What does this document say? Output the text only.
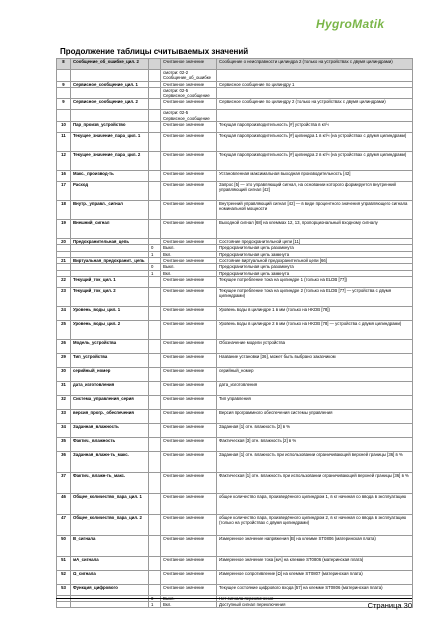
HygroMatik
Продолжение таблицы считываемых значений
8	Сообщение_об_ошибке_цил. 2		Считанное значение	Сообщение о неисправности цилиндра 2 (только на устройствах с двумя цилиндрами)
			смотри: 02-2 Сообщение_об_ошибке	
9	Сервисное_сообщение_цил. 1		Считанное значение	Сервисное сообщение по цилиндру 1
			смотри: 02-5 Сервисное_сообщение	
9	Сервисное_сообщение_цил. 2		Считанное значение	Сервисное сообщение по цилиндру 2 (только на устройствах с двумя цилиндрами)
			смотри: 02-5 Сервисное_сообщение	
10	Пар_произв_устройство		Считанное значение	Текущая паропроизводительность [#] устройства в кг/ч
11	Текущее_значение_пара_цил. 1		Считанное значение	Текущая паропроизводительность [#] цилиндра 1 в кг/ч (на устройствах с двумя цилиндрами)
12	Текущее_значение_пара_цил. 2		Считанное значение	Текущая паропроизводительность [#] цилиндра 2 в кг/ч (на устройствах с двумя цилиндрами)
16	Макс._производ-ть		Считанное значение	Установленная максимальная выходная производительность [42]
17	Расход		Считанное значение	Запрос [5] — это управляющий сигнал, на основании которого формируется внутренний управляющий сигнал [42]
18	Внутр._управл._сигнал		Считанное значение	Внутренний управляющий сигнал [42] — в виде процентного значения управляющего сигнала номинальной мощности
19	Внешний_сигнал		Считанное значение	Выходной сигнал [68] на клеммах 12, 13, пропорциональный входному сигналу
20	Предохранительная_цепь		Считанное значение	Состояние предохранительной цепи [11]
		0	Выкл.	Предохранительная цепь разомкнута
		1	Вкл.	Предохранительная цепь замкнута
21	Виртуальная_предохранит._цепь		Считанное значение	Состояние виртуальной предохранительной цепи [66]
		0	Выкл.	Предохранительная цепь разомкнута
		1	Вкл.	Предохранительная цепь замкнута
22	Текущий_ток_цил. 1		Считанное значение	Текущее потребление тока на цилиндре 1 (только на ELDB [77])
23	Текущий_ток_цил. 2		Считанное значение	Текущее потребление тока на цилиндре 2 (только на ELDB [77] — устройства с двумя цилиндрами)
24	Уровень_воды_цил. 1		Считанное значение	Уровень воды в цилиндре 1 в мм (только на HKDB [78])
25	Уровень_воды_цил. 2		Считанное значение	Уровень воды в цилиндре 2 в мм (только на HKDB [78] — устройства с двумя цилиндрами)
26	Модель_устройства		Считанное значение	Обозначение модели устройства
29	Тип_устройства		Считанное значение	Название установки [36], может быть выбрано заказчиком
30	серийный_номер		Считанное значение	серийный_номер
31	дата_изготовления		Считанное значение	дата_изготовления
32	Система_управления_серия		Считанное значение	Тип управления
33	версия_прогр._обеспечения		Считанное значение	Версия программного обеспечения системы управления
34	Заданная_влажность		Считанное значение	Заданная [1] отн. влажность [2] в %
35	Фактич._влажность		Считанное значение	Фактическая [3] отн. влажность [2] в %
36	Заданная_влажн-ть_макс.		Считанное значение	Заданная [1] отн. влажность при использовании ограничивающей верхней границы [36] в %
37	Фактич._влажн-ть_макс.		Считанное значение	Фактическая [1] отн. влажность при использовании ограничивающей верхней границы [36] в %
46	Общее_количество_пара_цил. 1		Считанное значение	общее количество пара, произведённого цилиндром 1, в кг начиная со ввода в эксплуатацию
47	Общее_количество_пара_цил. 2		Считанное значение	общее количество пара, произведённого цилиндром 2, в кг начиная со ввода в эксплуатацию (только на устройствах с двумя цилиндрами)
50	В_сигнала		Считанное значение	Измеренное значение напряжения [В] на клемме ST0806 (материнская плата)
51	мА_сигнала		Считанное значение	Измеренное значение тока [мА] на клемме ST0806 (материнская плата)
52	Ω_сигнала		Считанное значение	Измеренное сопротивление [Ω] на клемме ST0807 (материнская плата)
53	Функция_цифрового		Считанное значение	Текущее состояние цифрового входа [57] на клемме ST0806 (материнская плата)
		0	Выкл.	Нет сигнала переключения
		1	Вкл.	Доступный сигнал переключения	Страница 30
